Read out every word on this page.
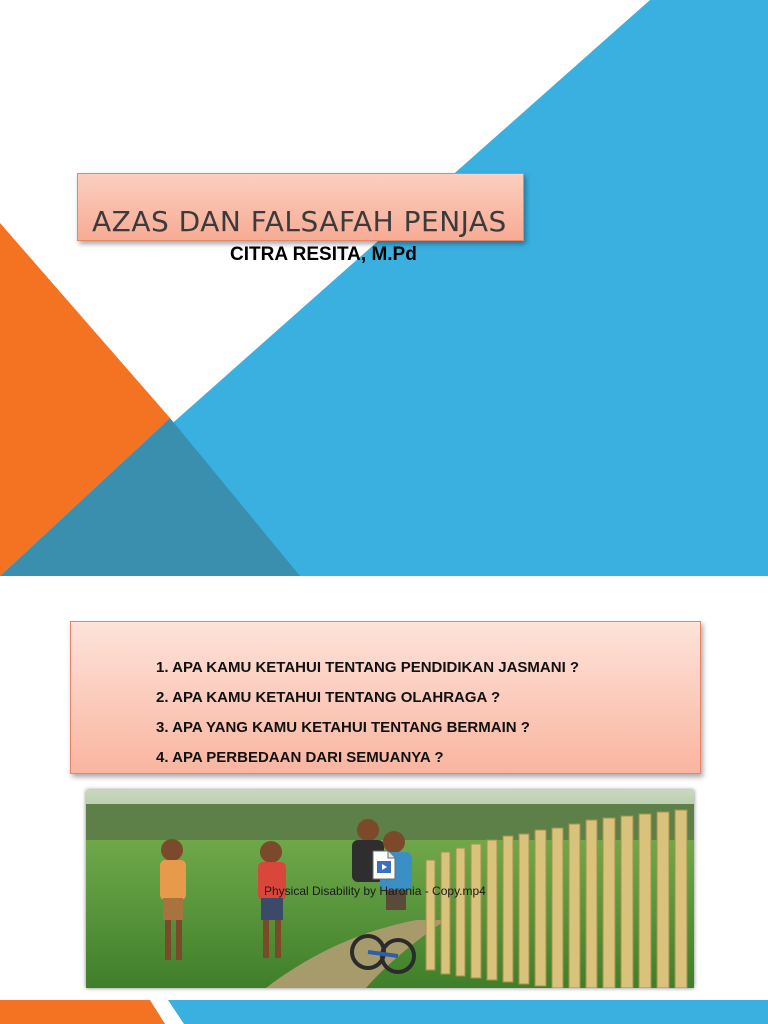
AZAS DAN FALSAFAH PENJAS
CITRA RESITA, M.Pd
1. APA KAMU KETAHUI TENTANG PENDIDIKAN JASMANI ?
2. APA KAMU KETAHUI TENTANG OLAHRAGA ?
3. APA YANG KAMU KETAHUI TENTANG BERMAIN ?
4. APA PERBEDAAN DARI SEMUANYA ?
Physical Disability by Haronia - Copy.mp4
